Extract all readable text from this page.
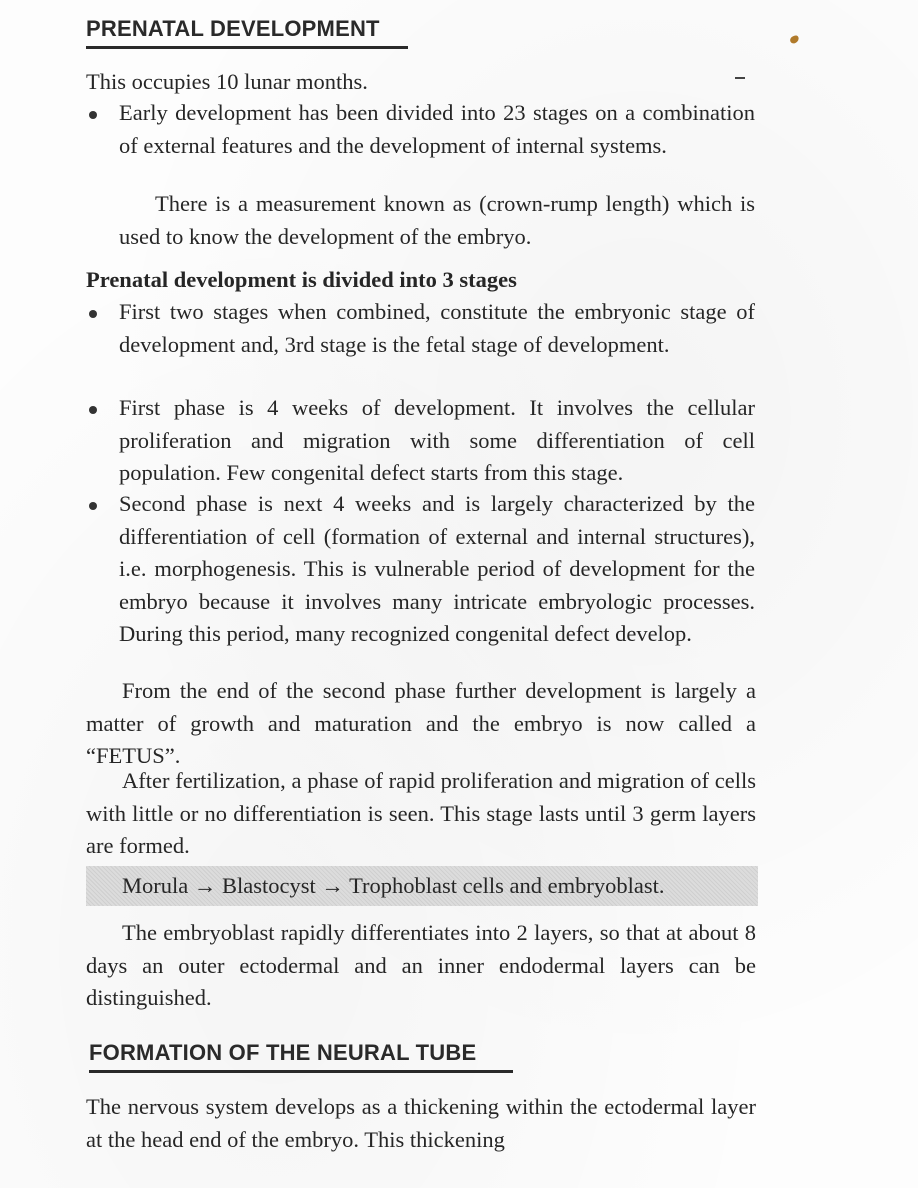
PRENATAL DEVELOPMENT

This occupies 10 lunar months.

Early development has been divided into 23 stages on a combination of external features and the development of internal systems.

There is a measurement known as (crown-rump length) which is used to know the development of the embryo.

Prenatal development is divided into 3 stages

First two stages when combined, constitute the embryonic stage of development and, 3rd stage is the fetal stage of development.

First phase is 4 weeks of development. It involves the cellular proliferation and migration with some differentiation of cell population. Few congenital defect starts from this stage.

Second phase is next 4 weeks and is largely characterized by the differentiation of cell (formation of external and internal structures), i.e. morphogenesis. This is vulnerable period of development for the embryo because it involves many intricate embryologic processes. During this period, many recognized congenital defect develop.

From the end of the second phase further development is largely a matter of growth and maturation and the embryo is now called a “FETUS”.

After fertilization, a phase of rapid proliferation and migration of cells with little or no differentiation is seen. This stage lasts until 3 germ layers are formed.

Morula → Blastocyst → Trophoblast cells and embryoblast.

The embryoblast rapidly differentiates into 2 layers, so that at about 8 days an outer ectodermal and an inner endodermal layers can be distinguished.

FORMATION OF THE NEURAL TUBE

The nervous system develops as a thickening within the ectodermal layer at the head end of the embryo. This thickening
